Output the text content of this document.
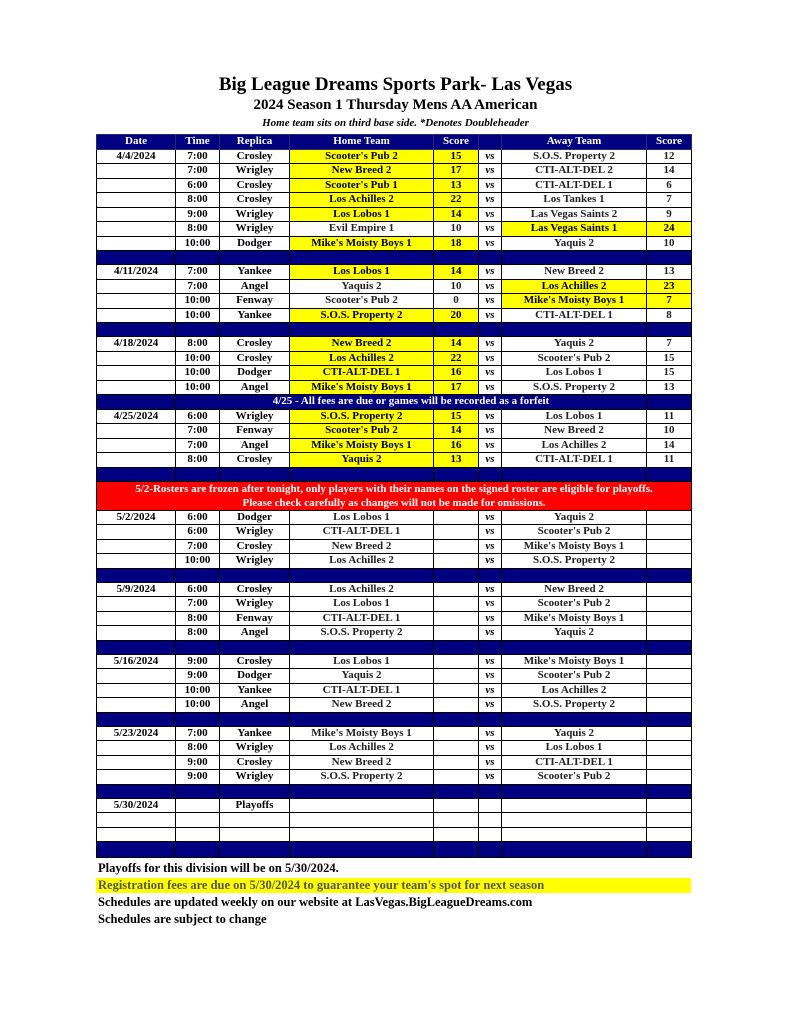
Big League Dreams Sports Park- Las Vegas
2024 Season 1 Thursday Mens AA American
Home team sits on third base side. *Denotes Doubleheader
Date	Time	Replica	Home Team	Score		Away Team	Score
4/4/2024	7:00	Crosley	Scooter's Pub 2	15	vs	S.O.S. Property 2	12
	7:00	Wrigley	New Breed 2	17	vs	CTI-ALT-DEL 2	14
	6:00	Crosley	Scooter's Pub 1	13	vs	CTI-ALT-DEL 1	6
	8:00	Crosley	Los Achilles 2	22	vs	Los Tankes 1	7
	9:00	Wrigley	Los Lobos 1	14	vs	Las Vegas Saints 2	9
	8:00	Wrigley	Evil Empire 1	10	vs	Las Vegas Saints 1	24
	10:00	Dodger	Mike's Moisty Boys 1	18	vs	Yaquis 2	10

4/11/2024	7:00	Yankee	Los Lobos 1	14	vs	New Breed 2	13
	7:00	Angel	Yaquis 2	10	vs	Los Achilles 2	23
	10:00	Fenway	Scooter's Pub 2	0	vs	Mike's Moisty Boys 1	7
	10:00	Yankee	S.O.S. Property 2	20	vs	CTI-ALT-DEL 1	8

4/18/2024	8:00	Crosley	New Breed 2	14	vs	Yaquis 2	7
	10:00	Crosley	Los Achilles 2	22	vs	Scooter's Pub 2	15
	10:00	Dodger	CTI-ALT-DEL 1	16	vs	Los Lobos 1	15
	10:00	Angel	Mike's Moisty Boys 1	17	vs	S.O.S. Property 2	13
	4/25 - All fees are due or games will be recorded as a forfeit						
4/25/2024	6:00	Wrigley	S.O.S. Property 2	15	vs	Los Lobos 1	11
	7:00	Fenway	Scooter's Pub 2	14	vs	New Breed 2	10
	7:00	Angel	Mike's Moisty Boys 1	16	vs	Los Achilles 2	14
	8:00	Crosley	Yaquis 2	13	vs	CTI-ALT-DEL 1	11

5/2-Rosters are frozen after tonight, only players with their names on the signed roster are eligible for playoffs.
Please check carefully as changes will not be made for omissions.							

5/2/2024	6:00	Dodger	Los Lobos 1		vs	Yaquis 2	
	6:00	Wrigley	CTI-ALT-DEL 1		vs	Scooter's Pub 2	
	7:00	Crosley	New Breed 2		vs	Mike's Moisty Boys 1	
	10:00	Wrigley	Los Achilles 2		vs	S.O.S. Property 2	

5/9/2024	6:00	Crosley	Los Achilles 2		vs	New Breed 2	
	7:00	Wrigley	Los Lobos 1		vs	Scooter's Pub 2	
	8:00	Fenway	CTI-ALT-DEL 1		vs	Mike's Moisty Boys 1	
	8:00	Angel	S.O.S. Property 2		vs	Yaquis 2	

5/16/2024	9:00	Crosley	Los Lobos 1		vs	Mike's Moisty Boys 1	
	9:00	Dodger	Yaquis 2		vs	Scooter's Pub 2	
	10:00	Yankee	CTI-ALT-DEL 1		vs	Los Achilles 2	
	10:00	Angel	New Breed 2		vs	S.O.S. Property 2	

5/23/2024	7:00	Yankee	Mike's Moisty Boys 1		vs	Yaquis 2	
	8:00	Wrigley	Los Achilles 2		vs	Los Lobos 1	
	9:00	Crosley	New Breed 2		vs	CTI-ALT-DEL 1	
	9:00	Wrigley	S.O.S. Property 2		vs	Scooter's Pub 2	

5/30/2024		Playoffs					

Playoffs for this division will be on 5/30/2024.
Registration fees are due on 5/30/2024 to guarantee your team's spot for next season
Schedules are updated weekly on our website at LasVegas.BigLeagueDreams.com
Schedules are subject to change
